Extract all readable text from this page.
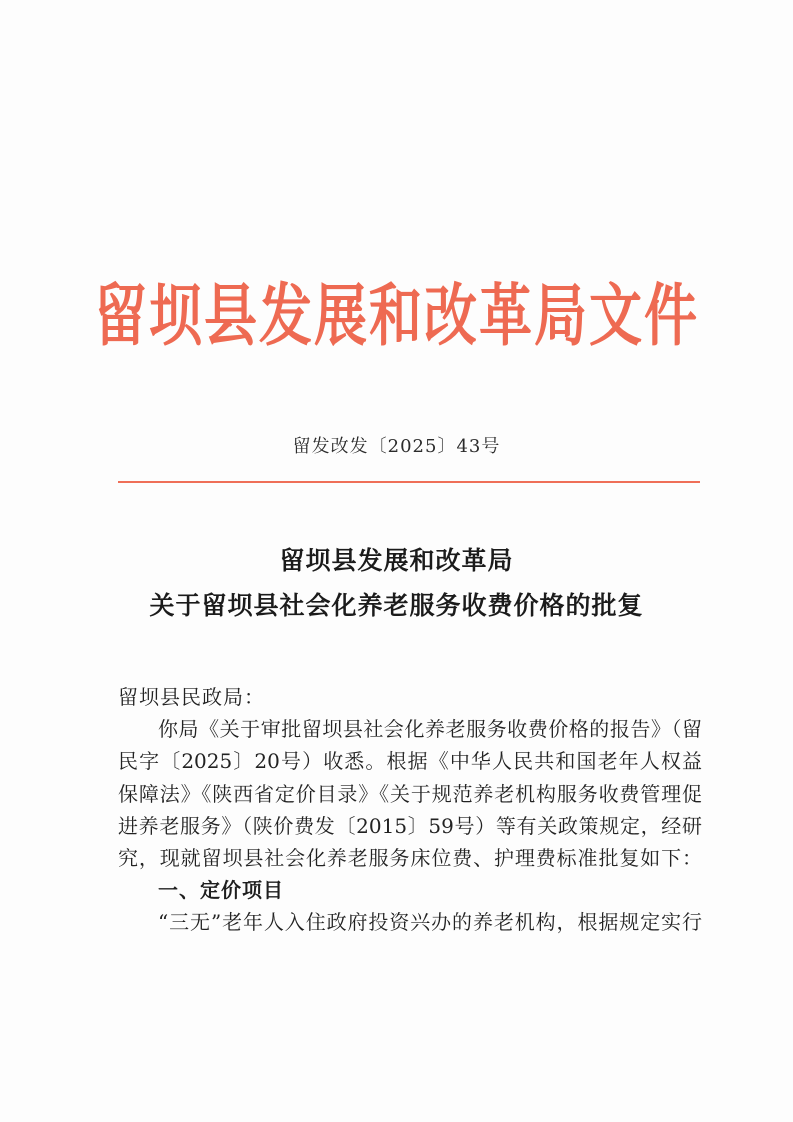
留坝县发展和改革局文件
留发改发〔2025〕43号
留坝县发展和改革局
关于留坝县社会化养老服务收费价格的批复
留坝县民政局：
你局《关于审批留坝县社会化养老服务收费价格的报告》（留
民字〔2025〕20号）收悉。根据《中华人民共和国老年人权益
保障法》《陕西省定价目录》《关于规范养老机构服务收费管理促
进养老服务》（陕价费发〔2015〕59号）等有关政策规定，经研
究，现就留坝县社会化养老服务床位费、护理费标准批复如下：
一、定价项目
“三无”老年人入住政府投资兴办的养老机构，根据规定实行
